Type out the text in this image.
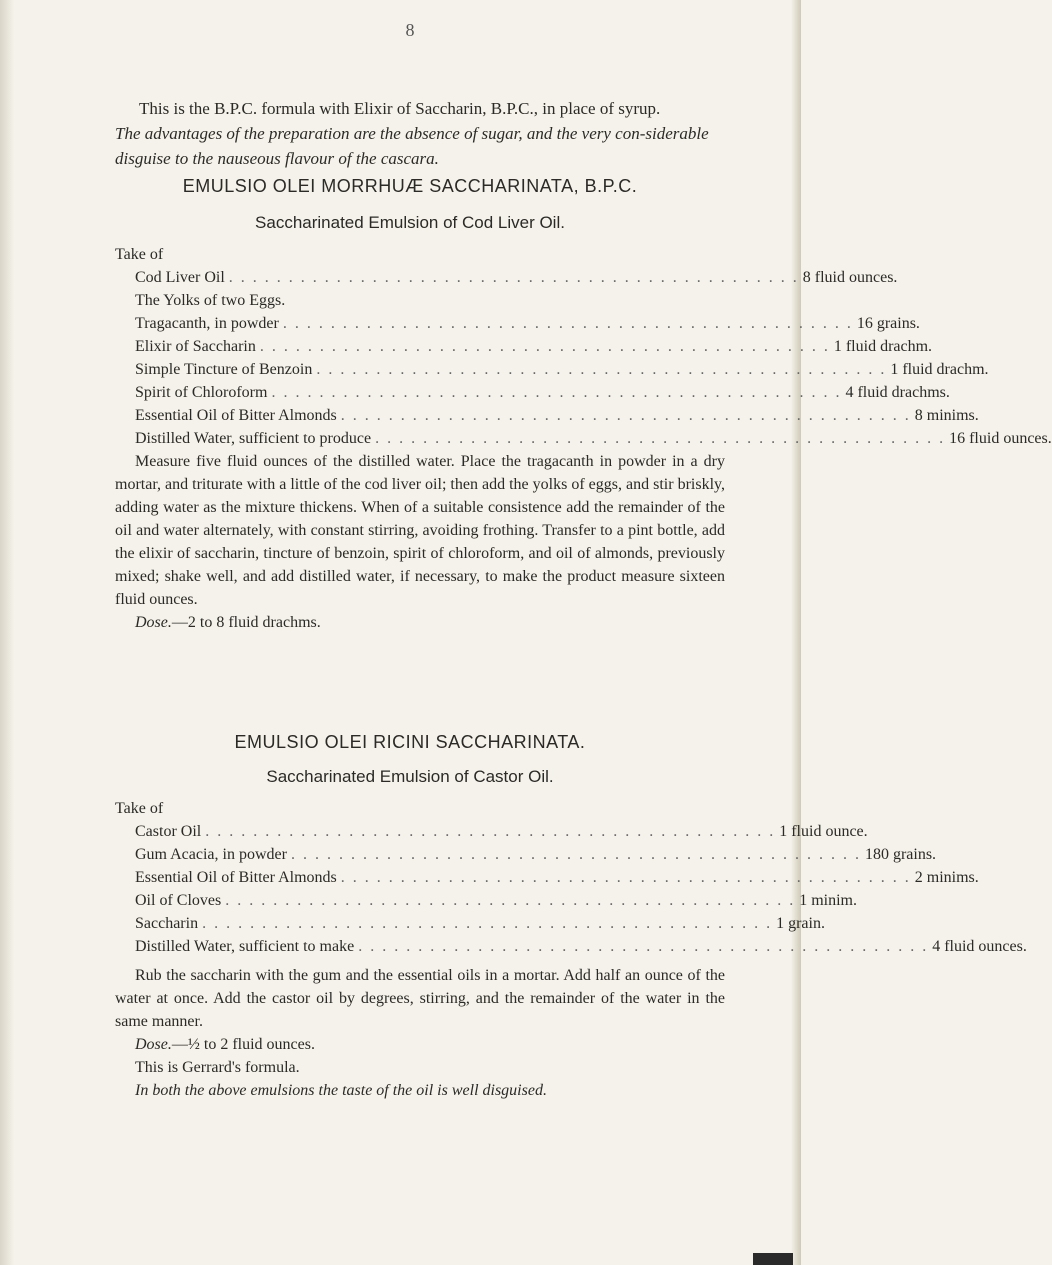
8

This is the B.P.C. formula with Elixir of Saccharin, B.P.C., in place of syrup.

The advantages of the preparation are the absence of sugar, and the very con-siderable disguise to the nauseous flavour of the cascara.

EMULSIO OLEI MORRHUÆ SACCHARINATA, B.P.C.
Saccharinated Emulsion of Cod Liver Oil.

Take of

Cod Liver Oil . . . . . . . . . . . . . . . . . . . . . . . . . . . . . . . . . . . . . . . . . . . . . . . . 8 fluid ounces.
The Yolks of two Eggs.
Tragacanth, in powder . . . . . . . . . . . . . . . . . . . . . . . . . . . . . . . . . . . . . . . . . . . . . . . . 16 grains.
Elixir of Saccharin . . . . . . . . . . . . . . . . . . . . . . . . . . . . . . . . . . . . . . . . . . . . . . . . 1 fluid drachm.
Simple Tincture of Benzoin . . . . . . . . . . . . . . . . . . . . . . . . . . . . . . . . . . . . . . . . . . . . . . . . 1 fluid drachm.
Spirit of Chloroform . . . . . . . . . . . . . . . . . . . . . . . . . . . . . . . . . . . . . . . . . . . . . . . . 4 fluid drachms.
Essential Oil of Bitter Almonds . . . . . . . . . . . . . . . . . . . . . . . . . . . . . . . . . . . . . . . . . . . . . . . . 8 minims.
Distilled Water, sufficient to produce . . . . . . . . . . . . . . . . . . . . . . . . . . . . . . . . . . . . . . . . . . . . . . . . 16 fluid ounces.

Measure five fluid ounces of the distilled water. Place the tragacanth in powder in a dry mortar, and triturate with a little of the cod liver oil; then add the yolks of eggs, and stir briskly, adding water as the mixture thickens. When of a suitable consistence add the remainder of the oil and water alternately, with constant stirring, avoiding frothing. Transfer to a pint bottle, add the elixir of saccharin, tincture of benzoin, spirit of chloroform, and oil of almonds, previously mixed; shake well, and add distilled water, if necessary, to make the product measure sixteen fluid ounces.

Dose.—2 to 8 fluid drachms.

EMULSIO OLEI RICINI SACCHARINATA.
Saccharinated Emulsion of Castor Oil.

Take of

Castor Oil . . . . . . . . . . . . . . . . . . . . . . . . . . . . . . . . . . . . . . . . . . . . . . . . 1 fluid ounce.
Gum Acacia, in powder . . . . . . . . . . . . . . . . . . . . . . . . . . . . . . . . . . . . . . . . . . . . . . . . 180 grains.
Essential Oil of Bitter Almonds . . . . . . . . . . . . . . . . . . . . . . . . . . . . . . . . . . . . . . . . . . . . . . . . 2 minims.
Oil of Cloves . . . . . . . . . . . . . . . . . . . . . . . . . . . . . . . . . . . . . . . . . . . . . . . . 1 minim.
Saccharin . . . . . . . . . . . . . . . . . . . . . . . . . . . . . . . . . . . . . . . . . . . . . . . . 1 grain.
Distilled Water, sufficient to make . . . . . . . . . . . . . . . . . . . . . . . . . . . . . . . . . . . . . . . . . . . . . . . . 4 fluid ounces.

Rub the saccharin with the gum and the essential oils in a mortar. Add half an ounce of the water at once. Add the castor oil by degrees, stirring, and the remainder of the water in the same manner.

Dose.—½ to 2 fluid ounces.

This is Gerrard's formula.

In both the above emulsions the taste of the oil is well disguised.
